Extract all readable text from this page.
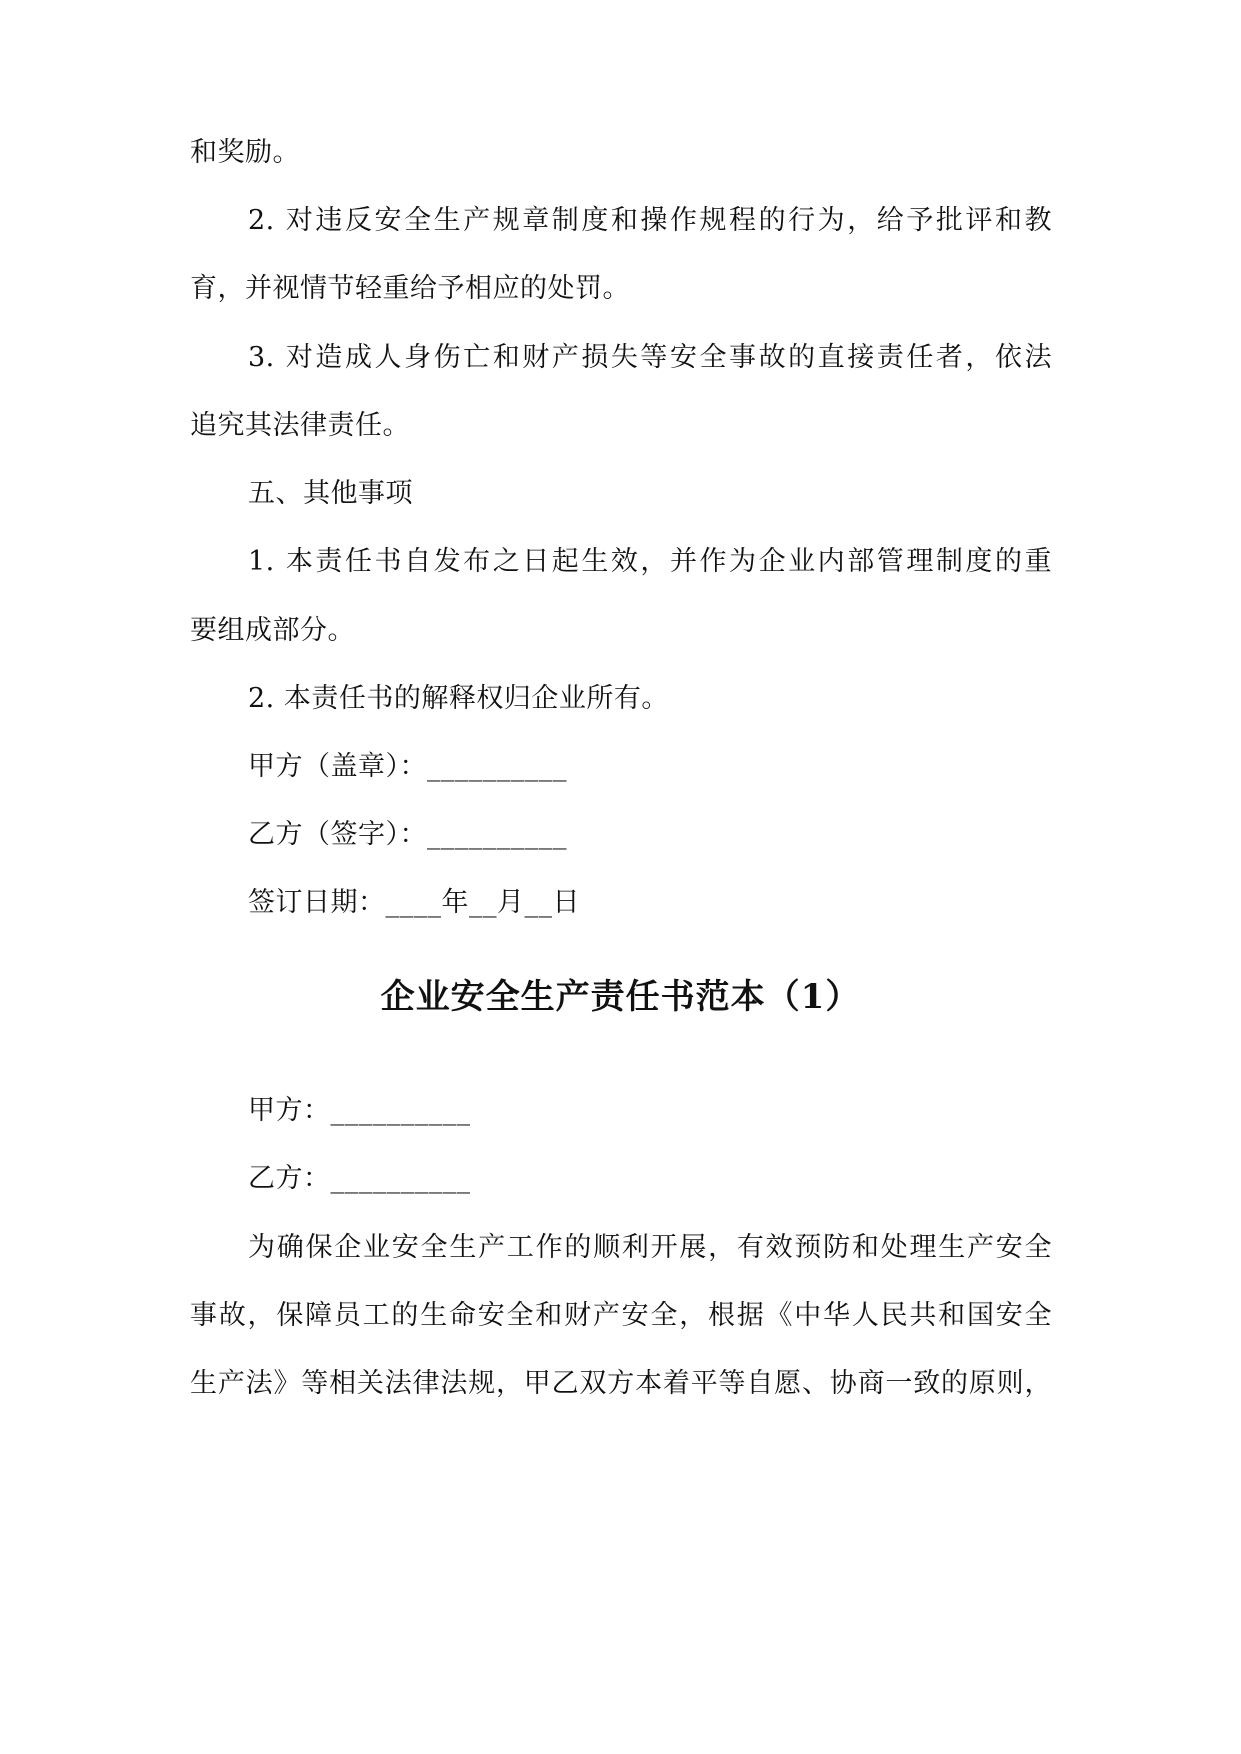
和奖励。
2. 对违反安全生产规章制度和操作规程的行为，给予批评和教
育，并视情节轻重给予相应的处罚。
3. 对造成人身伤亡和财产损失等安全事故的直接责任者，依法
追究其法律责任。
五、其他事项
1. 本责任书自发布之日起生效，并作为企业内部管理制度的重
要组成部分。
2. 本责任书的解释权归企业所有。
甲方（盖章）：__________
乙方（签字）：__________
签订日期：____年__月__日
企业安全生产责任书范本（1）
甲方：__________
乙方：__________
为确保企业安全生产工作的顺利开展，有效预防和处理生产安全
事故，保障员工的生命安全和财产安全，根据《中华人民共和国安全
生产法》等相关法律法规，甲乙双方本着平等自愿、协商一致的原则，
